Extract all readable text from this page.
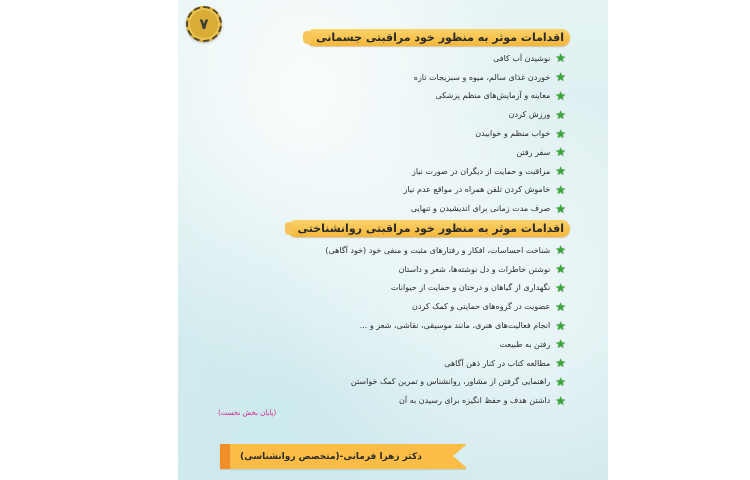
۷
اقدامات موثر به منظور خود مراقبتی جسمانی
★
نوشیدن آب کافی
★
خوردن غذای سالم، میوه و سبزیجات تازه
★
معاینه و آزمایش‌های منظم پزشکی
★
ورزش کردن
★
خواب منظم و خوابیدن
★
سفر رفتن
★
مراقبت و حمایت از دیگران در صورت نیاز
★
خاموش کردن تلفن همراه در مواقع عدم نیاز
★
صرف مدت زمانی برای اندیشیدن و تنهایی
اقدامات موثر به منظور خود مراقبتی روانشناختی
★
شناخت احساسات، افکار و رفتارهای مثبت و منفی خود (خود آگاهی)
★
نوشتن خاطرات و دل نوشته‌ها، شعر و داستان
★
نگهداری از گیاهان و درختان و حمایت از حیوانات
★
عضویت در گروه‌های حمایتی و کمک کردن
★
انجام فعالیت‌های هنری، مانند موسیقی، نقاشی، شعر و ...
★
رفتن به طبیعت
★
مطالعه کتاب در کنار ذهن آگاهی
★
راهنمایی گرفتن از مشاور، روانشناس و تمرین کمک خواستن
★
داشتن هدف و حفظ انگیزه برای رسیدن به آن
(پایان بخش نخست)
دکتر زهرا فرمانی-(متخصص روانشناسی)
